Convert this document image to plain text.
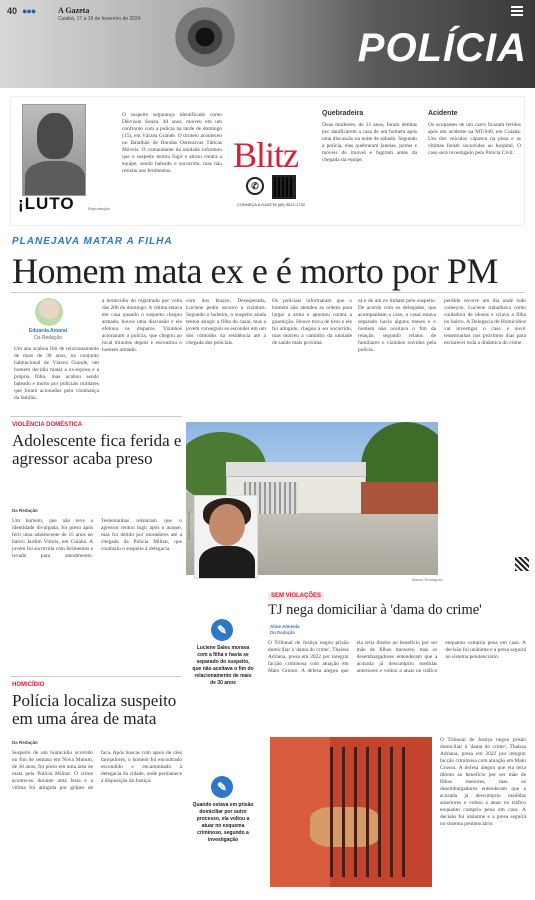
40 ●●●	A Gazeta
Cuiabá, 17 a 19 de fevereiro de 2024
POLÍCIA
¡LUTO	Reprodução
O suspeito segurança identificado como Dêivison Souza, 40 anos, morreu em um confronto com a polícia na tarde de domingo (15), em Várzea Grande. O tiroteio aconteceu no Batalhão de Rondas Ostensivas Táticas Móveis. O comandante da unidade informou que o suspeito tentou fugir e atirou contra a equipe, sendo baleado e socorrido, mas não resistiu aos ferimentos.	Blitz
✆
CONHEÇA A GAZETA (65) 3612-1732
Quebradeira
Duas mulheres, de 31 anos, foram detidas por danificarem a casa de um homem após uma discussão na noite de sábado. Segundo a polícia, elas quebraram janelas, portas e móveis do imóvel e fugiram antes da chegada da equipe.
Acidente
Os ocupantes de um carro ficaram feridos após um acidente na MT-040, em Cuiabá. Um dos veículos capotou na pista e as vítimas foram socorridas ao hospital. O caso será investigado pela Polícia Civil.
PLANEJAVA MATAR A FILHA
Homem mata ex e é morto por PM
Eduarda Amaral
Da Redação
Um ano acabou fim de relacionamento de mais de 30 anos, no conjunto habitacional de Várzea Grande, um homem decidiu matar a ex-esposa e a própria filha, mas acabou sendo baleado e morto por policiais militares que foram acionados pela vizinhança da família.
a homicídio do registrado por volta das 20h do domingo. A vítima estava em casa quando o suspeito chegou armado, houve uma discussão e ele efetuou os disparos. Vizinhos acionaram a polícia, que chegou ao local minutos depois e encontrou o homem armado.
com dos braços. Desesperada, Luciene pediu socorro a vizinhos. Segundo o boletim, o suspeito ainda tentou atingir a filha do casal, mas a jovem conseguiu se esconder em um dos cômodos da residência até a chegada dos policiais.
Os policiais informaram que o homem não atendeu as ordens para largar a arma e apontou contra a guarnição. Houve troca de tiros e ele foi atingido, chegou a ser socorrido, mas morreu a caminho da unidade de saúde mais próxima.
sá e de um ex tinham pelo suspeito. De acordo com os delegados, que acompanham o caso, o casal estava separado havia alguns meses e o homem não aceitava o fim da relação, segundo relatos de familiares e vizinhos ouvidos pela polícia.
perdido recorre um dia onde tudo começou. Luciene trabalhava como cuidadora de idosos e criava a filha no bairro. A Delegacia de Homicídios vai investigar o caso e ouvir testemunhas nos próximos dias para esclarecer toda a dinâmica do crime.
Mauro Rodrigues
Arquivo pessoal
VIOLÊNCIA DOMÉSTICA
Adolescente fica ferida e agressor acaba preso
Da Redação
Um homem, que não teve a identidade divulgada, foi preso após ferir uma adolescente de 15 anos no bairro Jardim Vitória, em Cuiabá. A jovem foi socorrida com ferimentos e levada para atendimento. Testemunhas relataram que o agressor tentou fugir após o ataque, mas foi detido por moradores até a chegada da Polícia Militar, que conduziu o suspeito à delegacia.
HOMICÍDIO
Polícia localiza suspeito em uma área de mata
Da Redação
Suspeito de um homicídio ocorrido no fim de semana em Nova Mutum, de 30 anos, foi preso em uma área de mata pela Polícia Militar. O crime aconteceu durante uma festa e a vítima foi atingida por golpes de faca. Após buscas com apoio de cães farejadores, o homem foi encontrado escondido e encaminhado à delegacia da cidade, onde permanece à disposição da Justiça.
✎
Luciene Sales morava com a filha e havia se separado do suspeito, que não aceitava o fim do relacionamento de mais de 30 anos
✎
Quando estava em prisão domiciliar por outro processo, ela voltou a atuar no esquema criminoso, segundo a investigação
SEM VIOLAÇÕES
TJ nega domiciliar à 'dama do crime'
Aline Almeida
Da Redação
O Tribunal de Justiça negou prisão domiciliar à 'dama do crime', Thaíssa Adriana, presa em 2022 por integrar facção criminosa com atuação em Mato Grosso. A defesa alegou que ela teria direito ao benefício por ser mãe de filhos menores, mas os desembargadores entenderam que a acusada já descumpriu medidas anteriores e voltou a atuar no tráfico enquanto cumpria pena em casa. A decisão foi unânime e a presa seguirá no sistema penitenciário.
O Tribunal de Justiça negou prisão domiciliar à 'dama do crime', Thaíssa Adriana, presa em 2022 por integrar facção criminosa com atuação em Mato Grosso. A defesa alegou que ela teria direito ao benefício por ser mãe de filhos menores, mas os desembargadores entenderam que a acusada já descumpriu medidas anteriores e voltou a atuar no tráfico enquanto cumpria pena em casa. A decisão foi unânime e a presa seguirá no sistema penitenciário.
